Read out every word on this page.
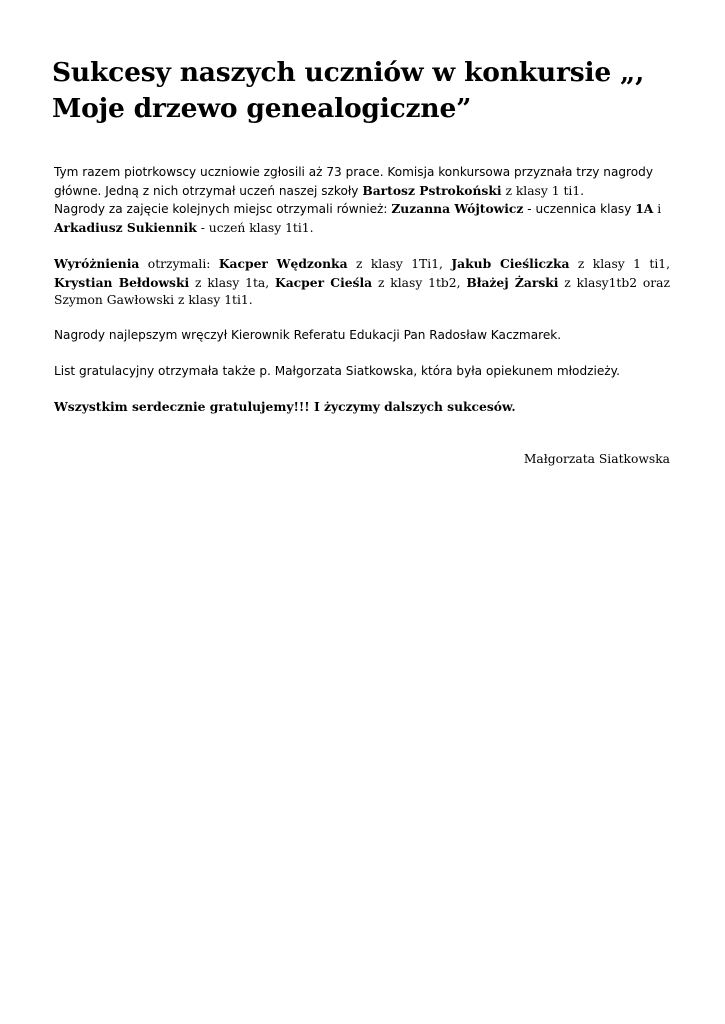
Sukcesy naszych uczniów w konkursie „, Moje drzewo genealogiczne”

Tym razem piotrkowscy uczniowie zgłosili aż 73 prace. Komisja konkursowa przyznała trzy nagrody
główne. Jedną z nich otrzymał uczeń naszej szkoły Bartosz Pstrokoński z klasy 1 ti1.
Nagrody za zajęcie kolejnych miejsc otrzymali również: Zuzanna Wójtowicz - uczennica klasy 1A i
Arkadiusz Sukiennik - uczeń klasy 1ti1.

Wyróżnienia otrzymali: Kacper Wędzonka z klasy 1Ti1, Jakub Cieśliczka z klasy 1 ti1, Krystian Bełdowski z klasy 1ta, Kacper Cieśla z klasy 1tb2, Błażej Żarski z klasy1tb2 oraz Szymon Gawłowski z klasy 1ti1.

Nagrody najlepszym wręczył Kierownik Referatu Edukacji Pan Radosław Kaczmarek.

List gratulacyjny otrzymała także p. Małgorzata Siatkowska, która była opiekunem młodzieży.

Wszystkim serdecznie gratulujemy!!! I życzymy dalszych sukcesów.

Małgorzata Siatkowska
